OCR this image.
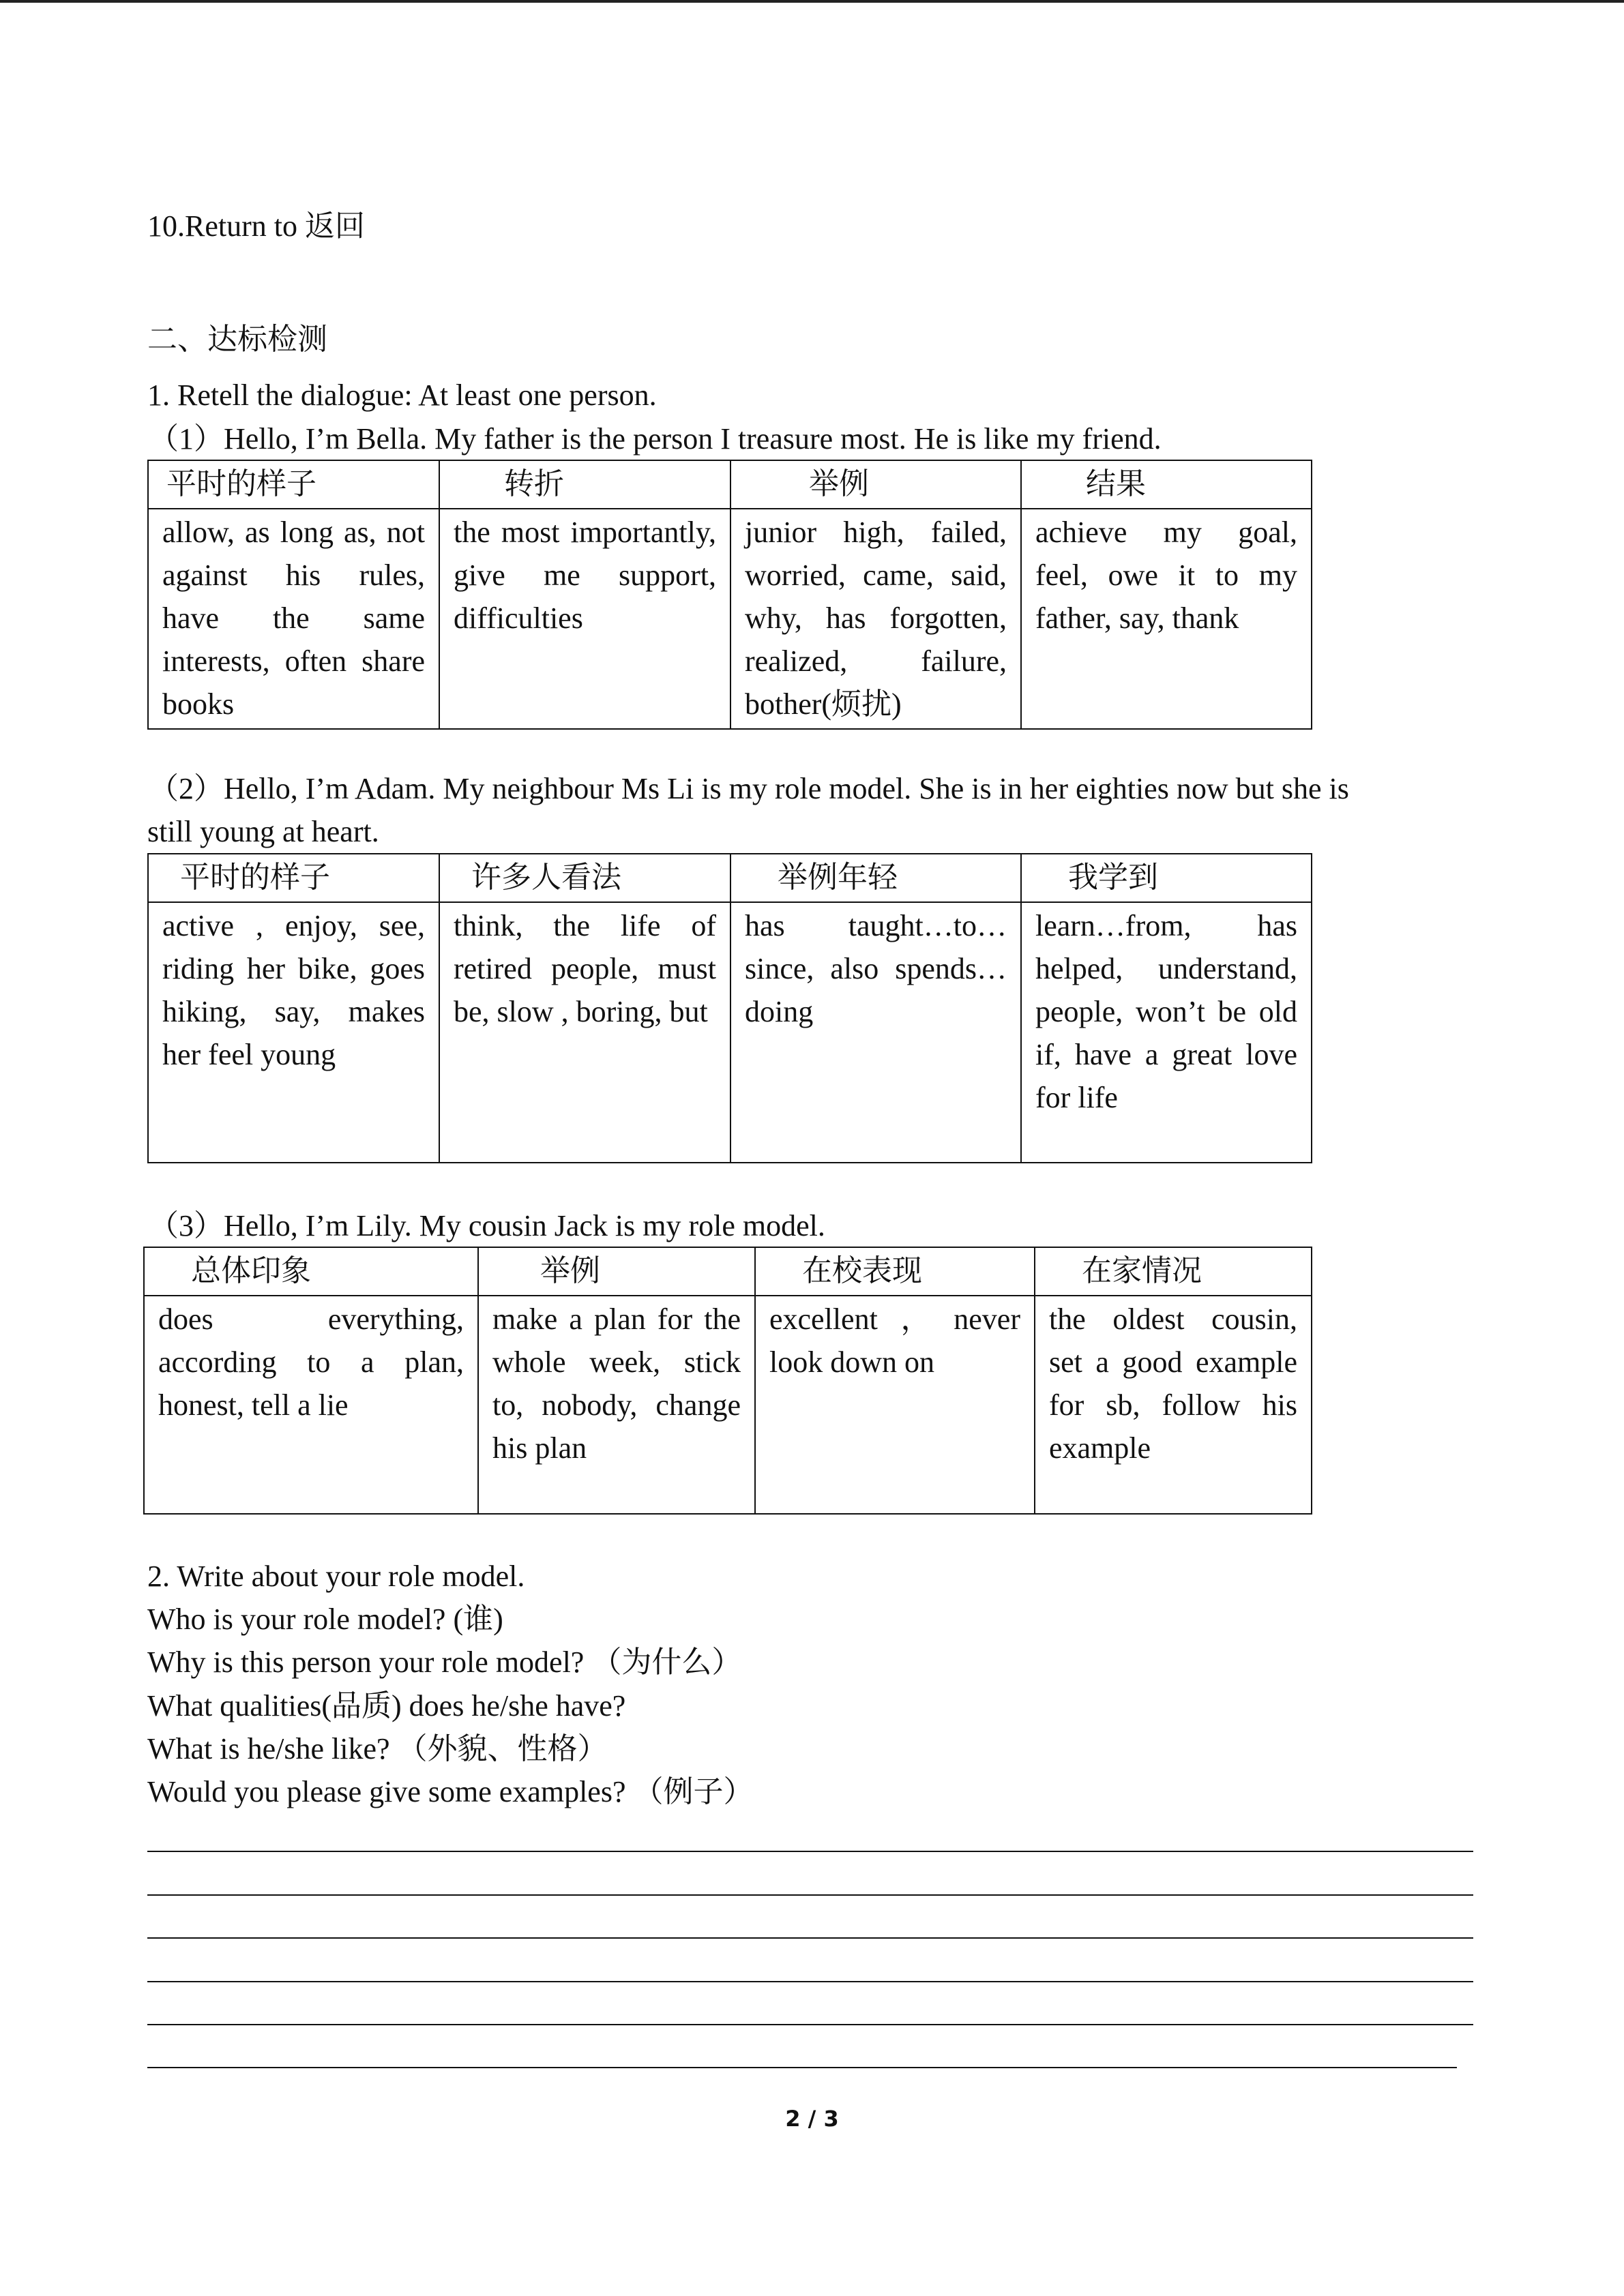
10.Return to 返回
二、达标检测
1. Retell the dialogue: At least one person.
（1）Hello, I’m Bella. My father is the person I treasure most. He is like my friend.
平时的样子	转折	举例	结果
allow, as long as, not against his rules, have the same interests, often share books	the most importantly, give me support, difficulties	junior high, failed, worried, came, said, why, has forgotten, realized, failure, bother(烦扰)	achieve my goal, feel, owe it to my father, say, thank
（2）Hello, I’m Adam. My neighbour Ms Li is my role model. She is in her eighties now but she is
still young at heart.
平时的样子	许多人看法	举例年轻	我学到
active , enjoy, see, riding her bike, goes hiking, say, makes her feel young	think, the life of retired people, must be, slow , boring, but	has taught…to… since, also spends…doing	learn…from, has helped, understand, people, won’t be old if, have a great love for life
（3）Hello, I’m Lily. My cousin Jack is my role model.
总体印象	举例	在校表现	在家情况
does everything, according to a plan, honest, tell a lie	make a plan for the whole week, stick to, nobody, change his plan	excellent，never look down on	the oldest cousin, set a good example for sb, follow his example
2. Write about your role model.
Who is your role model? (谁)
Why is this person your role model? （为什么）
What qualities(品质) does he/she have?
What is he/she like? （外貌、性格）
Would you please give some examples? （例子）
2 / 3
